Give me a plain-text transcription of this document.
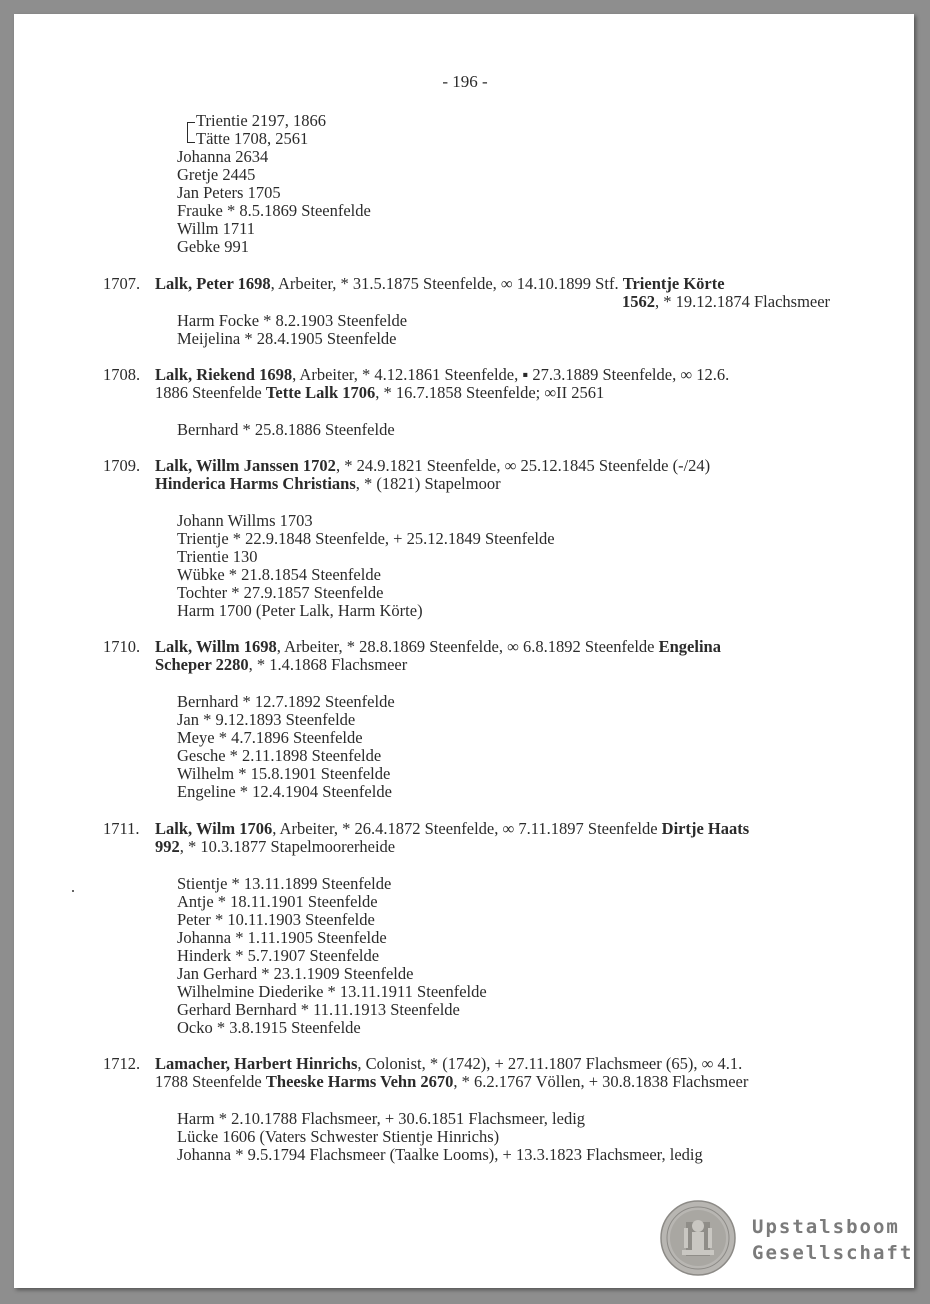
- 196 -
Trientie 2197, 1866
Tätte 1708, 2561
Johanna 2634
Gretje 2445
Jan Peters 1705
Frauke * 8.5.1869 Steenfelde
Willm 1711
Gebke 991
1707. Lalk, Peter 1698, Arbeiter, * 31.5.1875 Steenfelde, ∞ 14.10.1899 Stf. Trientje Körte
1562, * 19.12.1874 Flachsmeer
Harm Focke * 8.2.1903 Steenfelde
Meijelina * 28.4.1905 Steenfelde
1708. Lalk, Riekend 1698, Arbeiter, * 4.12.1861 Steenfelde, ▪ 27.3.1889 Steenfelde, ∞ 12.6.
1886 Steenfelde Tette Lalk 1706, * 16.7.1858 Steenfelde; ∞II 2561
Bernhard * 25.8.1886 Steenfelde
1709. Lalk, Willm Janssen 1702, * 24.9.1821 Steenfelde, ∞ 25.12.1845 Steenfelde (-/24)
Hinderica Harms Christians, * (1821) Stapelmoor
Johann Willms 1703
Trientje * 22.9.1848 Steenfelde, + 25.12.1849 Steenfelde
Trientie 130
Wübke * 21.8.1854 Steenfelde
Tochter * 27.9.1857 Steenfelde
Harm 1700 (Peter Lalk, Harm Körte)
1710. Lalk, Willm 1698, Arbeiter, * 28.8.1869 Steenfelde, ∞ 6.8.1892 Steenfelde Engelina
Scheper 2280, * 1.4.1868 Flachsmeer
Bernhard * 12.7.1892 Steenfelde
Jan * 9.12.1893 Steenfelde
Meye * 4.7.1896 Steenfelde
Gesche * 2.11.1898 Steenfelde
Wilhelm * 15.8.1901 Steenfelde
Engeline * 12.4.1904 Steenfelde
1711. Lalk, Wilm 1706, Arbeiter, * 26.4.1872 Steenfelde, ∞ 7.11.1897 Steenfelde Dirtje Haats
992, * 10.3.1877 Stapelmoorerheide
Stientje * 13.11.1899 Steenfelde
Antje * 18.11.1901 Steenfelde
Peter * 10.11.1903 Steenfelde
Johanna * 1.11.1905 Steenfelde
Hinderk * 5.7.1907 Steenfelde
Jan Gerhard * 23.1.1909 Steenfelde
Wilhelmine Diederike * 13.11.1911 Steenfelde
Gerhard Bernhard * 11.11.1913 Steenfelde
Ocko * 3.8.1915 Steenfelde
1712. Lamacher, Harbert Hinrichs, Colonist, * (1742), + 27.11.1807 Flachsmeer (65), ∞ 4.1.
1788 Steenfelde Theeske Harms Vehn 2670, * 6.2.1767 Völlen, + 30.8.1838 Flachsmeer
Harm * 2.10.1788 Flachsmeer, + 30.6.1851 Flachsmeer, ledig
Lücke 1606 (Vaters Schwester Stientje Hinrichs)
Johanna * 9.5.1794 Flachsmeer (Taalke Looms), + 13.3.1823 Flachsmeer, ledig
Upstalsboom
Gesellschaft
